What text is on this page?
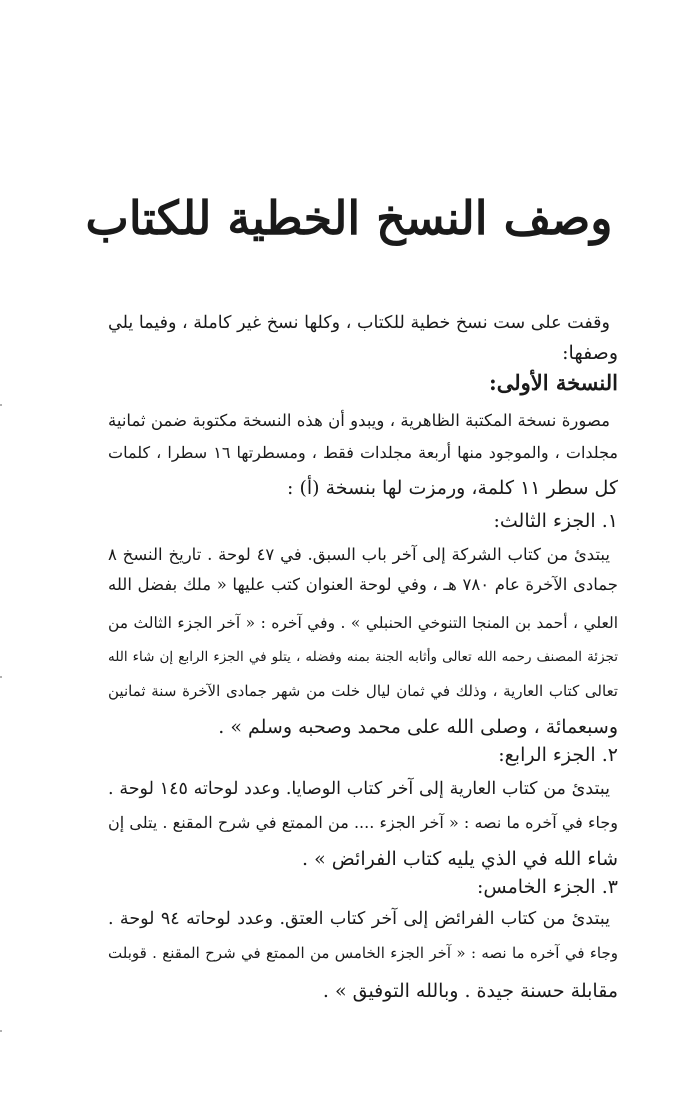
وصف النسخ الخطية للكتاب
وقفت على ست نسخ خطية للكتاب ، وكلها نسخ غير كاملة ، وفيما يلي
وصفها:
النسخة الأولى:
مصورة نسخة المكتبة الظاهرية ، ويبدو أن هذه النسخة مكتوبة ضمن ثمانية
مجلدات ، والموجود منها أربعة مجلدات فقط ، ومسطرتها ١٦ سطرا ، كلمات
كل سطر ١١ كلمة، ورمزت لها بنسخة (أ) :
١. الجزء الثالث:
يبتدئ من كتاب الشركة إلى آخر باب السبق. في ٤٧ لوحة . تاريخ النسخ ٨
جمادى الآخرة عام ٧٨٠ هـ ، وفي لوحة العنوان كتب عليها « ملك بفضل الله
العلي ، أحمد بن المنجا التنوخي الحنبلي » . وفي آخره : « آخر الجزء الثالث من
تجزئة المصنف رحمه الله تعالى وأثابه الجنة بمنه وفضله ، يتلو في الجزء الرابع إن شاء الله
تعالى كتاب العارية ، وذلك في ثمان ليال خلت من شهر جمادى الآخرة سنة ثمانين
وسبعمائة ، وصلى الله على محمد وصحبه وسلم » .
٢. الجزء الرابع:
يبتدئ من كتاب العارية إلى آخر كتاب الوصايا. وعدد لوحاته ١٤٥ لوحة .
وجاء في آخره ما نصه : « آخر الجزء .... من الممتع في شرح المقنع . يتلى إن
شاء الله في الذي يليه كتاب الفرائض » .
٣. الجزء الخامس:
يبتدئ من كتاب الفرائض إلى آخر كتاب العتق. وعدد لوحاته ٩٤ لوحة .
وجاء في آخره ما نصه : « آخر الجزء الخامس من الممتع في شرح المقنع . قوبلت
مقابلة حسنة جيدة . وبالله التوفيق » .
